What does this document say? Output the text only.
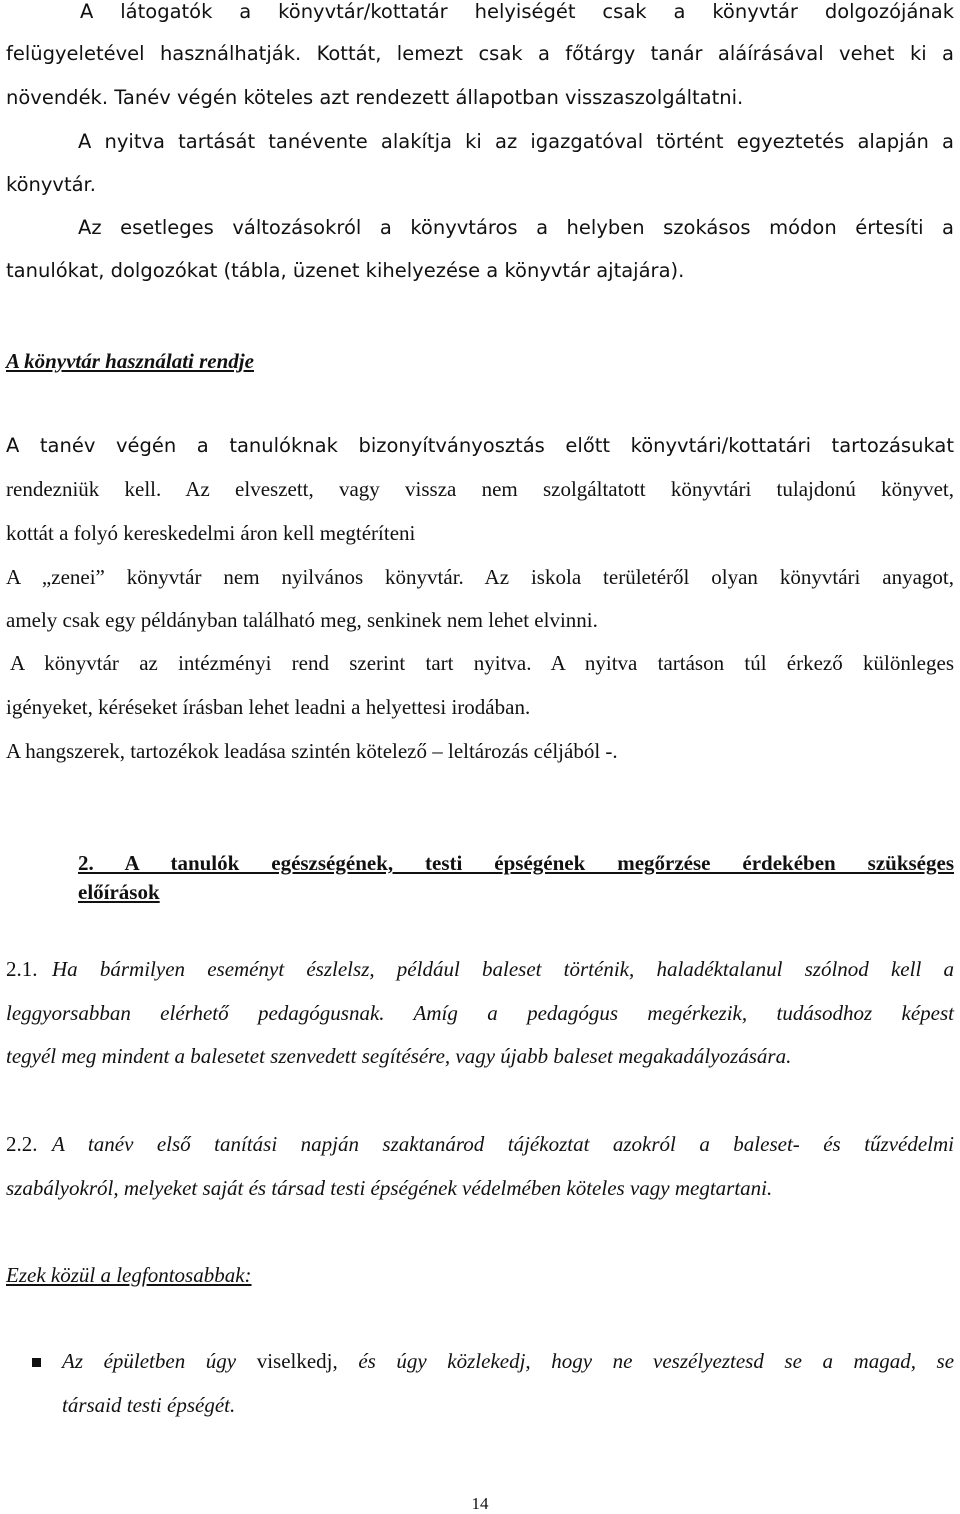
A látogatók a könyvtár/kottatár helyiségét csak a könyvtár dolgozójának
felügyeletével használhatják. Kottát, lemezt csak a főtárgy tanár aláírásával vehet ki a
növendék. Tanév végén köteles azt rendezett állapotban visszaszolgáltatni.
A nyitva tartását tanévente alakítja ki az igazgatóval történt egyeztetés alapján a
könyvtár.
Az esetleges változásokról a könyvtáros a helyben szokásos módon értesíti a
tanulókat, dolgozókat (tábla, üzenet kihelyezése a könyvtár ajtajára).
A könyvtár használati rendje
A tanév végén a tanulóknak bizonyítványosztás előtt könyvtári/kottatári tartozásukat
rendezniük kell. Az elveszett, vagy vissza nem szolgáltatott könyvtári tulajdonú könyvet,
kottát a folyó kereskedelmi áron kell megtéríteni
A „zenei” könyvtár nem nyilvános könyvtár. Az iskola területéről olyan könyvtári anyagot,
amely csak egy példányban található meg, senkinek nem lehet elvinni.
A könyvtár az intézményi rend szerint tart nyitva. A nyitva tartáson túl érkező különleges
igényeket, kéréseket írásban lehet leadni a helyettesi irodában.
A hangszerek, tartozékok leadása szintén kötelező – leltározás céljából -.
2. A tanulók egészségének, testi épségének megőrzése érdekében szükséges
előírások
2.1. Ha bármilyen eseményt észlelsz, például baleset történik, haladéktalanul szólnod kell a
leggyorsabban elérhető pedagógusnak. Amíg a pedagógus megérkezik, tudásodhoz képest
tegyél meg mindent a balesetet szenvedett segítésére, vagy újabb baleset megakadályozására.
2.2. A tanév első tanítási napján szaktanárod tájékoztat azokról a baleset- és tűzvédelmi
szabályokról, melyeket saját és társad testi épségének védelmében köteles vagy megtartani.
Ezek közül a legfontosabbak:
Az épületben úgy viselkedj, és úgy közlekedj, hogy ne veszélyeztesd se a magad, se
társaid testi épségét.
14
